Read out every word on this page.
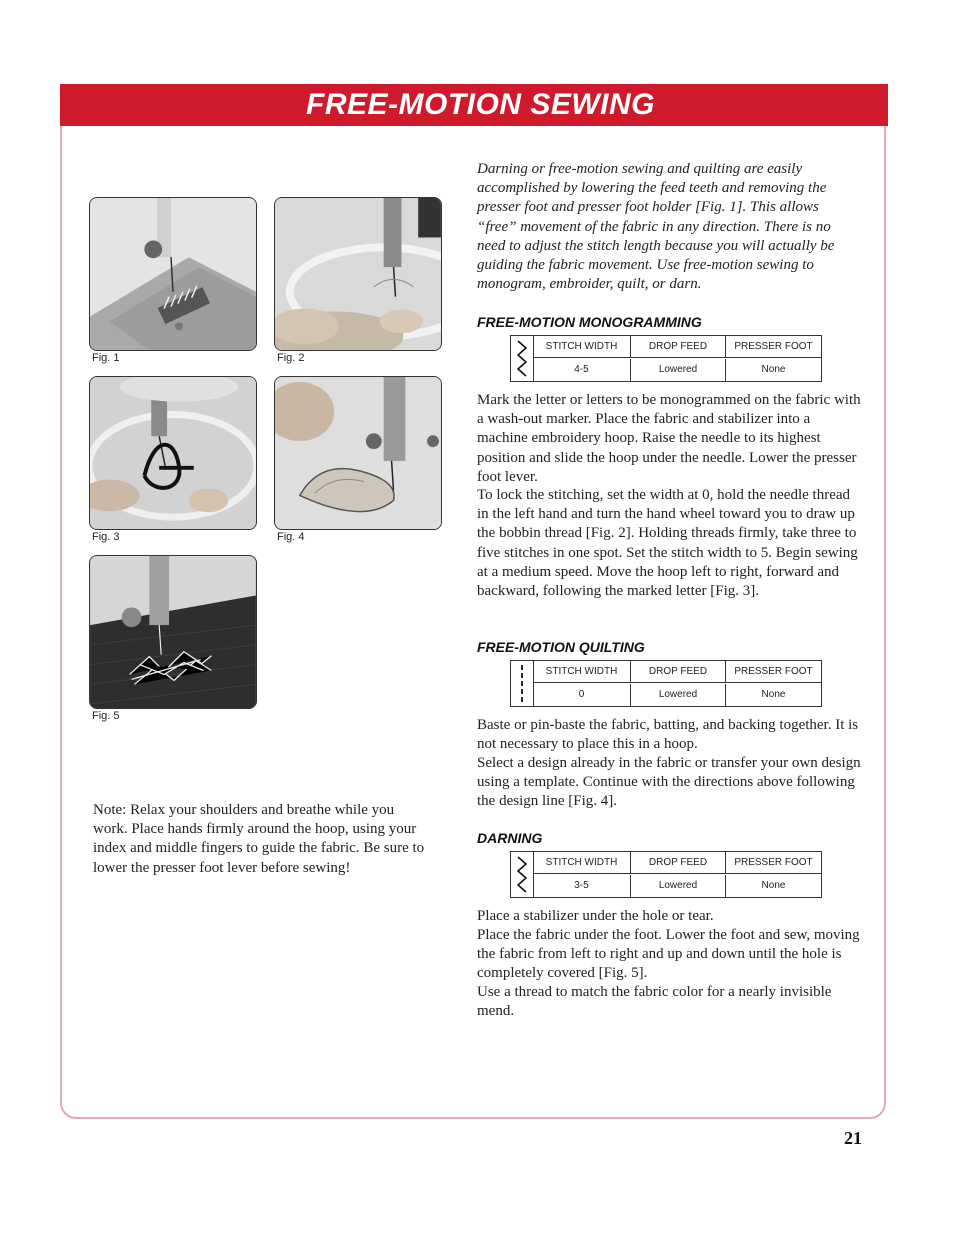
FREE-MOTION SEWING
Fig. 1	Fig. 2
Fig. 3	Fig. 4
Fig. 5
Note: Relax your shoulders and breathe while you work. Place hands firmly around the hoop, using your index and middle fingers to guide the fabric. Be sure to lower the presser foot lever before sewing!
Darning or free-motion sewing and quilting are easily accomplished by lowering the feed teeth and removing the presser foot and presser foot holder [Fig. 1]. This allows “free” movement of the fabric in any direction. There is no need to adjust the stitch length because you will actually be guiding the fabric movement. Use free-motion sewing to monogram, embroider, quilt, or darn.
FREE-MOTION MONOGRAMMING
STITCH WIDTH	DROP FEED	PRESSER FOOT
4-5	Lowered	None
Mark the letter or letters to be monogrammed on the fabric with a wash-out marker. Place the fabric and stabilizer into a machine embroidery hoop. Raise the needle to its highest position and slide the hoop under the needle. Lower the presser foot lever.
To lock the stitching, set the width at 0, hold the needle thread in the left hand and turn the hand wheel toward you to draw up the bobbin thread [Fig. 2]. Holding threads firmly, take three to five stitches in one spot. Set the stitch width to 5. Begin sewing at a medium speed. Move the hoop left to right, forward and backward, following the marked letter [Fig. 3].
FREE-MOTION QUILTING
STITCH WIDTH	DROP FEED	PRESSER FOOT
0	Lowered	None
Baste or pin-baste the fabric, batting, and backing together. It is not necessary to place this in a hoop.
Select a design already in the fabric or transfer your own design using a template. Continue with the directions above following the design line [Fig. 4].
DARNING
STITCH WIDTH	DROP FEED	PRESSER FOOT
3-5	Lowered	None
Place a stabilizer under the hole or tear.
Place the fabric under the foot. Lower the foot and sew, moving the fabric from left to right and up and down until the hole is completely covered [Fig. 5].
Use a thread to match the fabric color for a nearly invisible mend.
21
